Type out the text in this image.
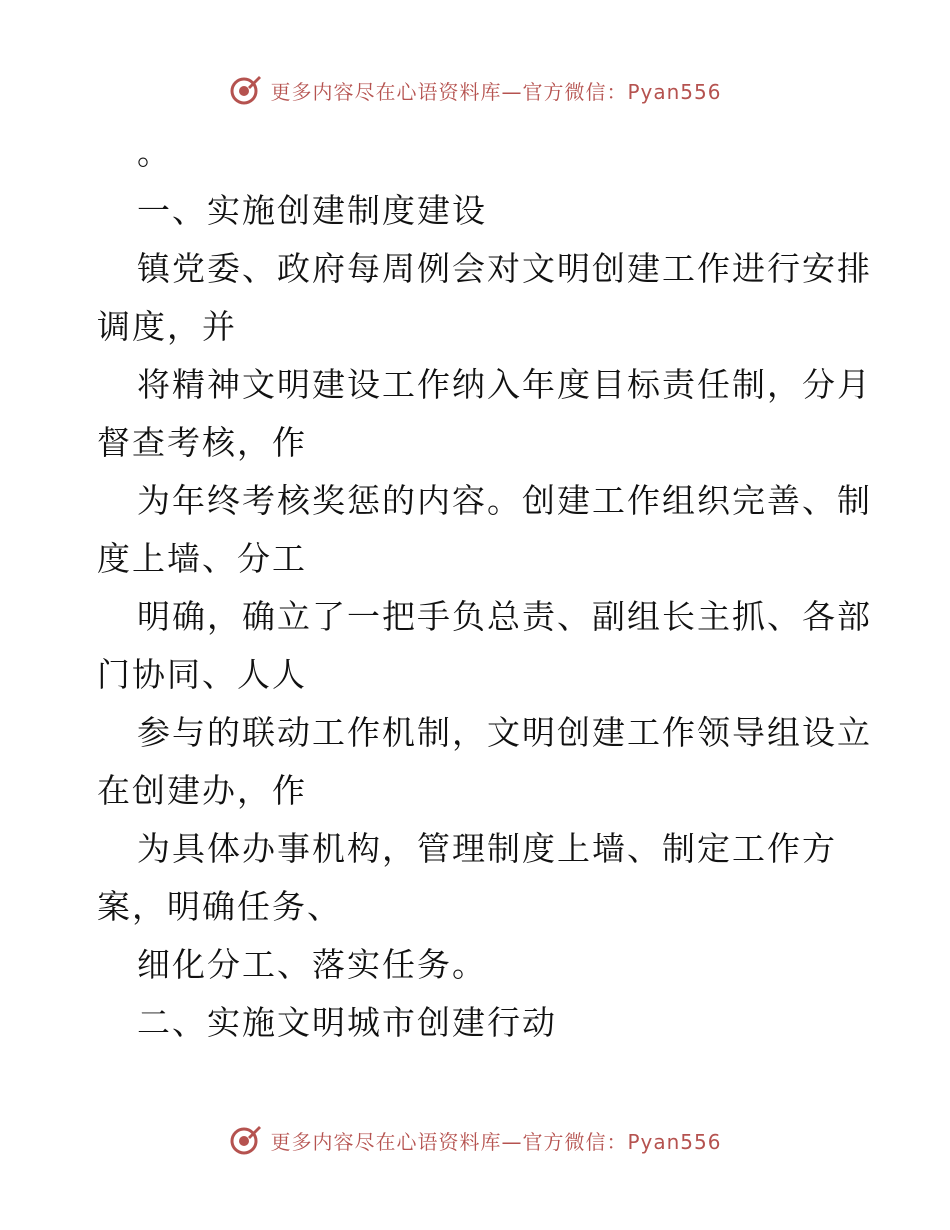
更多内容尽在心语资料库—官方微信：Pyan556
。
一、实施创建制度建设
镇党委、政府每周例会对文明创建工作进行安排
调度，并
将精神文明建设工作纳入年度目标责任制，分月
督查考核，作
为年终考核奖惩的内容。创建工作组织完善、制
度上墙、分工
明确，确立了一把手负总责、副组长主抓、各部
门协同、人人
参与的联动工作机制，文明创建工作领导组设立
在创建办，作
为具体办事机构，管理制度上墙、制定工作方
案，明确任务、
细化分工、落实任务。
二、实施文明城市创建行动
更多内容尽在心语资料库—官方微信：Pyan556
